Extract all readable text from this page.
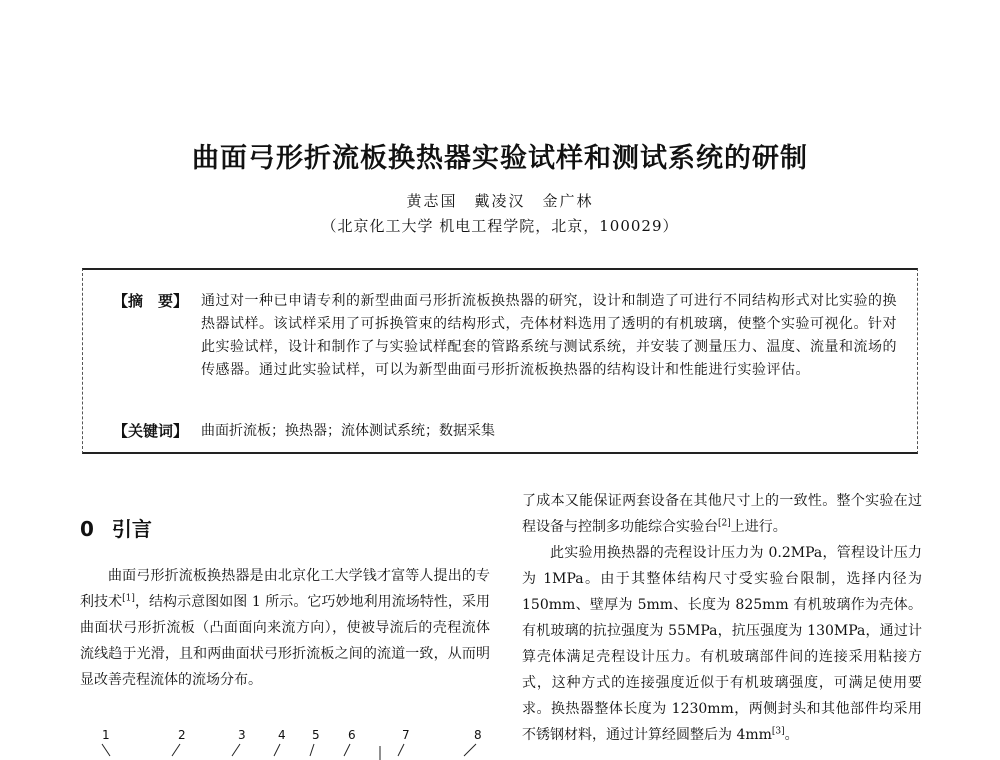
曲面弓形折流板换热器实验试样和测试系统的研制
黄志国　戴凌汉　金广林
（北京化工大学 机电工程学院，北京，100029）
【摘　要】 通过对一种已申请专利的新型曲面弓形折流板换热器的研究，设计和制造了可进行不同结构形式对比实验的换热器试样。该试样采用了可拆换管束的结构形式，壳体材料选用了透明的有机玻璃，使整个实验可视化。针对此实验试样，设计和制作了与实验试样配套的管路系统与测试系统，并安装了测量压力、温度、流量和流场的传感器。通过此实验试样，可以为新型曲面弓形折流板换热器的结构设计和性能进行实验评估。
【关键词】 曲面折流板；换热器；流体测试系统；数据采集
0 引言

曲面弓形折流板换热器是由北京化工大学钱才富等人提出的专利技术[1]，结构示意图如图 1 所示。它巧妙地利用流场特性，采用曲面状弓形折流板（凸面面向来流方向），使被导流后的壳程流体流线趋于光滑，且和两曲面状弓形折流板之间的流道一致，从而明显改善壳程流体的流场分布。

了成本又能保证两套设备在其他尺寸上的一致性。整个实验在过程设备与控制多功能综合实验台[2]上进行。

此实验用换热器的壳程设计压力为 0.2MPa，管程设计压力为 1MPa。由于其整体结构尺寸受实验台限制，选择内径为 150mm、壁厚为 5mm、长度为 825mm 有机玻璃作为壳体。有机玻璃的抗拉强度为 55MPa，抗压强度为 130MPa，通过计算壳体满足壳程设计压力。有机玻璃部件间的连接采用粘接方式，这种方式的连接强度近似于有机玻璃强度，可满足使用要求。换热器整体长度为 1230mm，两侧封头和其他部件均采用不锈钢材料，通过计算经圆整后为 4mm[3]。

1	2	3	4 5 6	7	8
